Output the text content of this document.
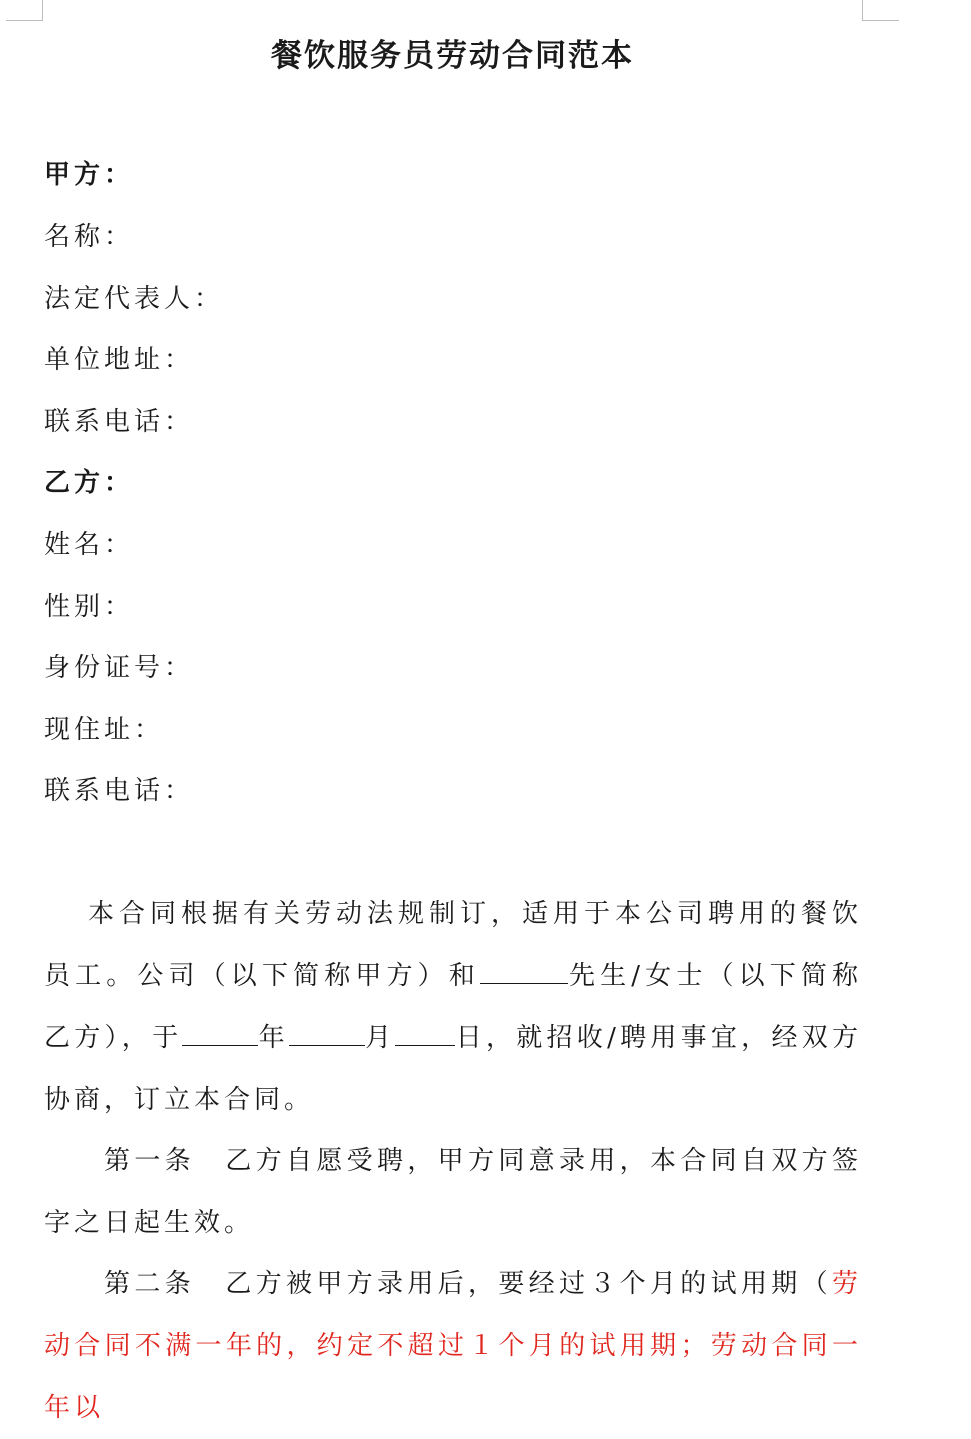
餐饮服务员劳动合同范本
甲方：
名称：
法定代表人：
单位地址：
联系电话：
乙方：
姓名：
性别：
身份证号：
现住址：
联系电话：
本合同根据有关劳动法规制订，适用于本公司聘用的餐饮员工。公司（以下简称甲方）和	先生/女士（以下简称乙方），于	年	月 日，就招收/聘用事宜，经双方协商，订立本合同。
第一条　乙方自愿受聘，甲方同意录用，本合同自双方签字之日起生效。
第二条　乙方被甲方录用后，要经过３个月的试用期（劳动合同不满一年的，约定不超过１个月的试用期；劳动合同一年以
